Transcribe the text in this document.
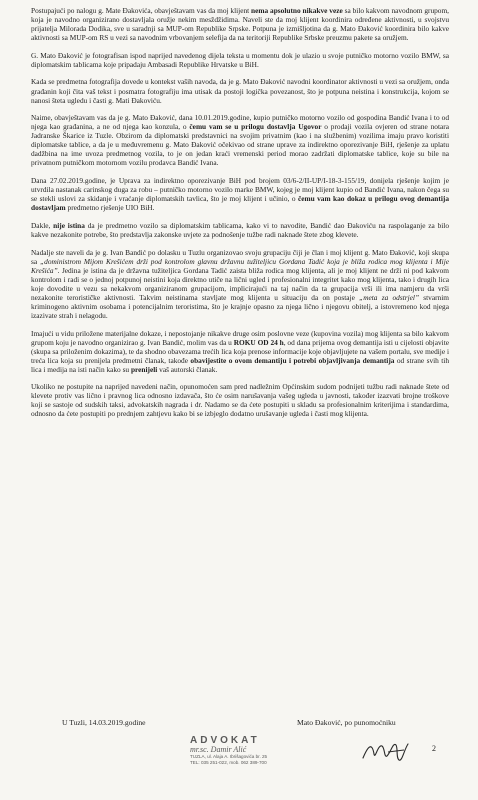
Postupajući po nalogu g. Mate Đakovića, obavještavam vas da moj klijent nema apsolutno nikakve veze sa bilo kakvom navodnom grupom, koja je navodno organizirano dostavljala oružje nekim mesždžidima. Naveli ste da moj klijent koordinira određene aktivnosti, u svojstvu prijatelja Milorada Dodika, sve u saradnji sa MUP-om Republike Srpske. Potpuna je izmišljotina da g. Mato Đaković koordinira bilo kakve aktivnosti sa MUP-om RS u vezi sa navodnim vrbovanjem selefija da na teritoriji Republike Srbske preuzmu pakete sa oružjem.

G. Mato Đaković je fotografisan ispod naprijed navedenog dijela teksta u momentu dok je ulazio u svoje putničko motorno vozilo BMW, sa diplomatskim tablicama koje pripadaju Ambasadi Republike Hrvatske u BiH.

Kada se predmetna fotografija dovede u kontekst vaših navoda, da je g. Mato Đaković navodni koordinator aktivnosti u vezi sa oružjem, onda građanin koji čita vaš tekst i posmatra fotografiju ima utisak da postoji logička povezanost, što je potpuna neistina i konstrukcija, kojom se nanosi šteta ugledu i časti g. Mati Đakoviću.

Naime, obavještavam vas da je g. Mato Đaković, dana 10.01.2019.godine, kupio putničko motorno vozilo od gospodina Bandić Ivana i to od njega kao građanina, a ne od njega kao konzula, o čemu vam se u prilogu dostavlja Ugovor o prodaji vozila ovjeren od strane notara Jadranske Škarice iz Tuzle. Obzirom da diplomatski predstavnici na svojim privatnim (kao i na službenim) vozilima imaju pravo koristiti diplomatske tablice, a da je u međuvremenu g. Mato Đaković očekivao od strane uprave za indirektno oporezivanje BiH, rješenje za uplatu dadžbina na ime uvoza predmetnog vozila, to je on jedan kraći vremenski period morao zadržati diplomatske tablice, koje su bile na privatnom putničkom motornom vozilu prodavca Bandić Ivana.

Dana 27.02.2019.godine, je Uprava za indirektno oporezivanje BiH pod brojem 03/6-2/II-UP/I-18-3-155/19, donijela rješenje kojim je utvrdila nastanak carinskog duga za robu – putničko motorno vozilo marke BMW, kojeg je moj klijent kupio od Bandić Ivana, nakon čega su se stekli uslovi za skidanje i vraćanje diplomatskih tavlica, što je moj klijent i učinio, o čemu vam kao dokaz u prilogu ovog demantija dostavljam predmetno rješenje UIO BiH.

Dakle, nije istina da je predmetno vozilo sa diplomatskim tablicama, kako vi to navodite, Bandić dao Đakoviću na raspolaganje za bilo kakve nezakonite potrebe, što predstavlja zakonske uvjete za podnošenje tužbe radi naknade štete zbog klevete.

Nadalje ste naveli da je g. Ivan Bandić po dolasku u Tuzlu organizovao svoju grupaciju čiji je član i moj klijent g. Mato Đaković, koji skupa sa „doministrom Mijom Krešićem drži pod kontrolom glavnu državnu tužiteljicu Gordana Tadić koja je bliža rodica mog klijenta i Mije Krešića”. Jedina je istina da je državna tužiteljica Gordana Tadić zaista bliža rodica mog klijenta, ali je moj klijent ne drži ni pod kakvom kontrolom i radi se o jednoj potpunoj neistini koja direktno utiče na lični ugled i profesionalni integritet kako mog klijenta, tako i drugih lica koje dovodite u vezu sa nekakvom organiziranom grupacijom, implicirajući na taj način da ta grupacija vrši ili ima namjeru da vrši nezakonite terorističke aktivnosti. Takvim neistinama stavljate mog klijenta u situaciju da on postaje „meta za odstrjel” stvarnim kriminogeno aktivnim osobama i potencijalnim teroristima, što je krajnje opasno za njega lično i njegovu obitelj, a istovremeno kod njega izazivate strah i nelagodu.

Imajući u vidu priložene materijalne dokaze, i nepostojanje nikakve druge osim poslovne veze (kupovina vozila) mog klijenta sa bilo kakvom grupom koju je navodno organizirao g. Ivan Bandić, molim vas da u ROKU OD 24 h, od dana prijema ovog demantija isti u cijelosti objavite (skupa sa priloženim dokazima), te da shodno obavezama trećih lica koja prenose informacije koje objavljujete na vašem portalu, sve medije i treća lica koja su prenijela predmetni članak, takođe obavijestite o ovom demantiju i potrebi objavljivanja demantija od strane svih tih lica i medija na isti način kako su prenijeli vaš autorski članak.

Ukoliko ne postupite na naprijed navedeni način, opunomoćen sam pred nadležnim Općinskim sudom podnijeti tužbu radi naknade štete od klevete protiv vas lično i pravnog lica odnosno izdavača, što će osim narušavanja vašeg ugleda u javnosti, također izazvati brojne troškove koji se sastoje od sudskih taksi, advokatskih nagrada i dr. Nadamo se da ćete postupiti u skladu sa profesionalnim kriterijima i standardima, odnosno da ćete postupiti po prednjem zahtjevu kako bi se izbjeglo dodatno urušavanje ugleda i časti mog klijenta.

U Tuzli, 14.03.2019.godine	Mato Đaković, po punomoćniku
ADVOKAT
mr.sc. Damir Alić
TUZLA, ul. Alaja A. Ibrišagovića br. 25
TEL: 035 251-022, mob. 062 389-700
2
